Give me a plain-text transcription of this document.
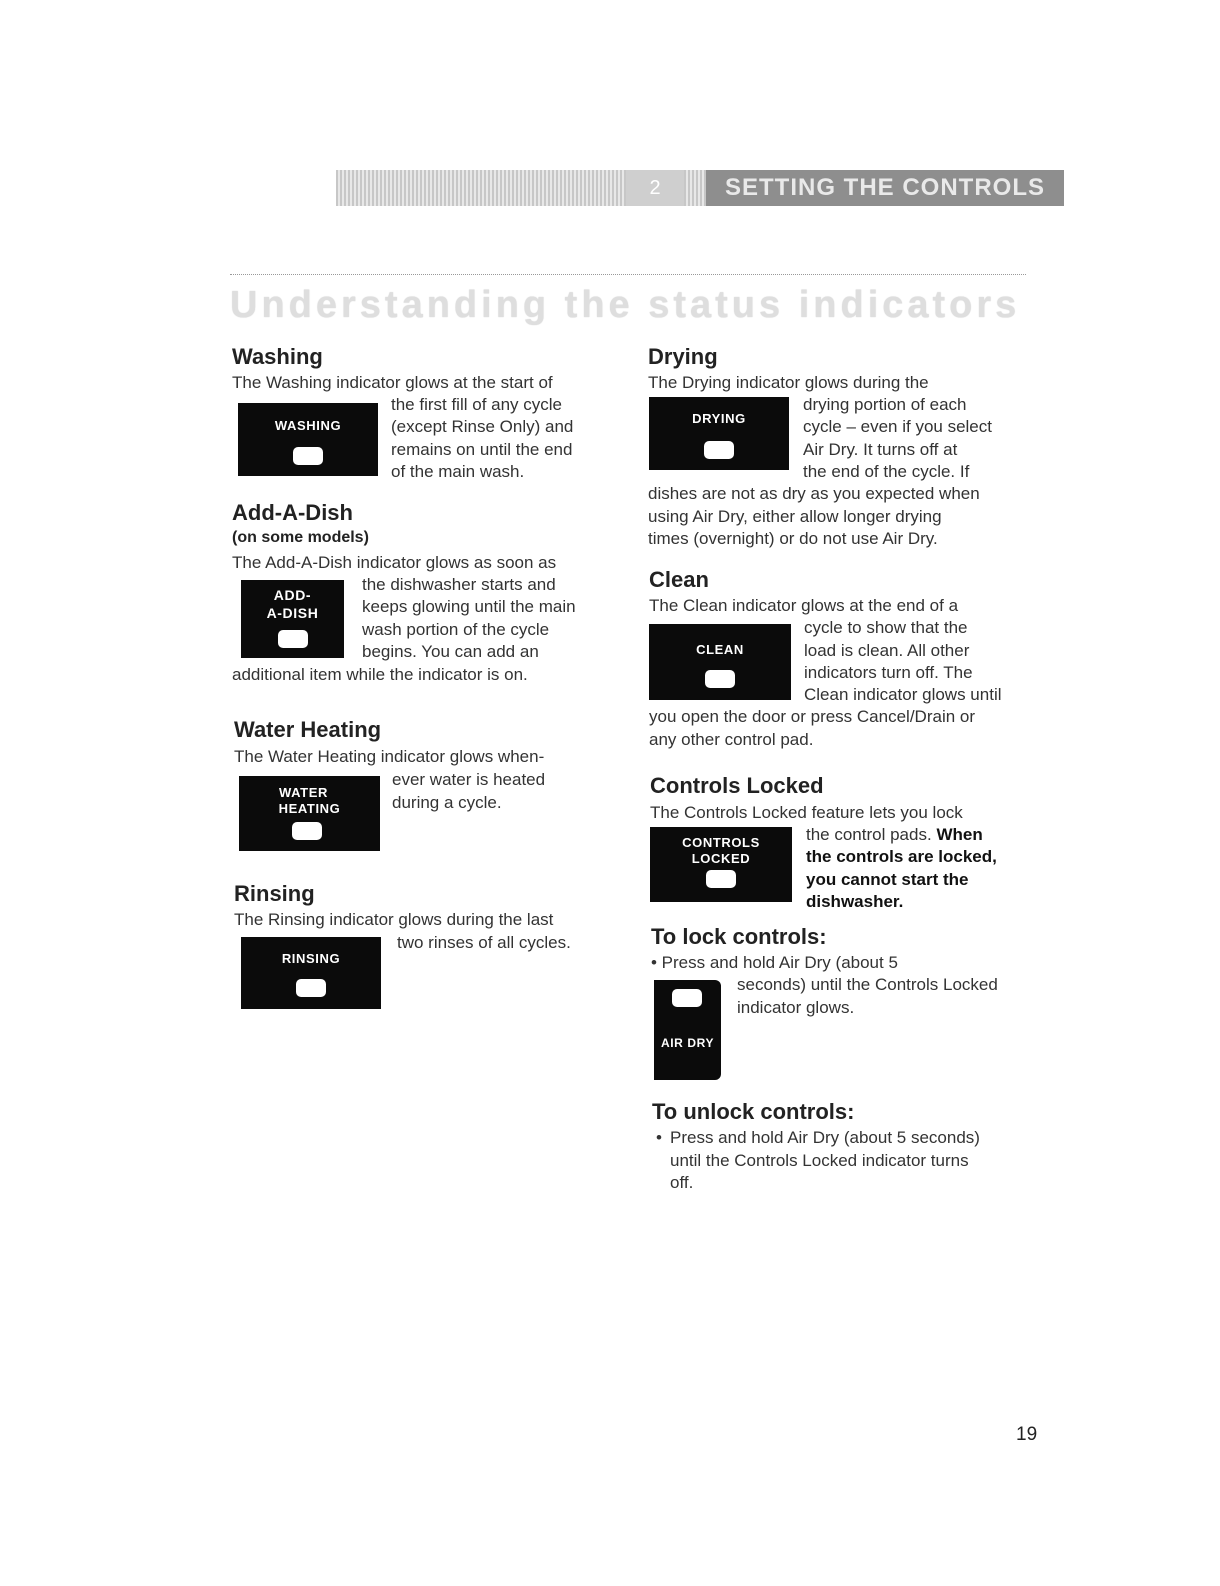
2	SETTING THE CONTROLS
Understanding the status indicators
Washing
The Washing indicator glows at the start of
WASHING
the first fill of any cycle
(except Rinse Only) and
remains on until the end
of the main wash.
Add-A-Dish
(on some models)
The Add-A-Dish indicator glows as soon as
ADD-
A-DISH
the dishwasher starts and
keeps glowing until the main
wash portion of the cycle
begins. You can add an
additional item while the indicator is on.
Water Heating
The Water Heating indicator glows when-
WATER
HEATING
ever water is heated
during a cycle.
Rinsing
The Rinsing indicator glows during the last
RINSING
two rinses of all cycles.
Drying
The Drying indicator glows during the
DRYING
drying portion of each
cycle – even if you select
Air Dry. It turns off at
the end of the cycle. If
dishes are not as dry as you expected when
using Air Dry, either allow longer drying
times (overnight) or do not use Air Dry.
Clean
The Clean indicator glows at the end of a
CLEAN
cycle to show that the
load is clean. All other
indicators turn off. The
Clean indicator glows until
you open the door or press Cancel/Drain or
any other control pad.
Controls Locked
The Controls Locked feature lets you lock
CONTROLS
LOCKED
the control pads. When
the controls are locked,
you cannot start the
dishwasher.
To lock controls:
• Press and hold Air Dry (about 5
AIR DRY
seconds) until the Controls Locked
indicator glows.
To unlock controls:
• Press and hold Air Dry (about 5 seconds)
until the Controls Locked indicator turns
off.
19
